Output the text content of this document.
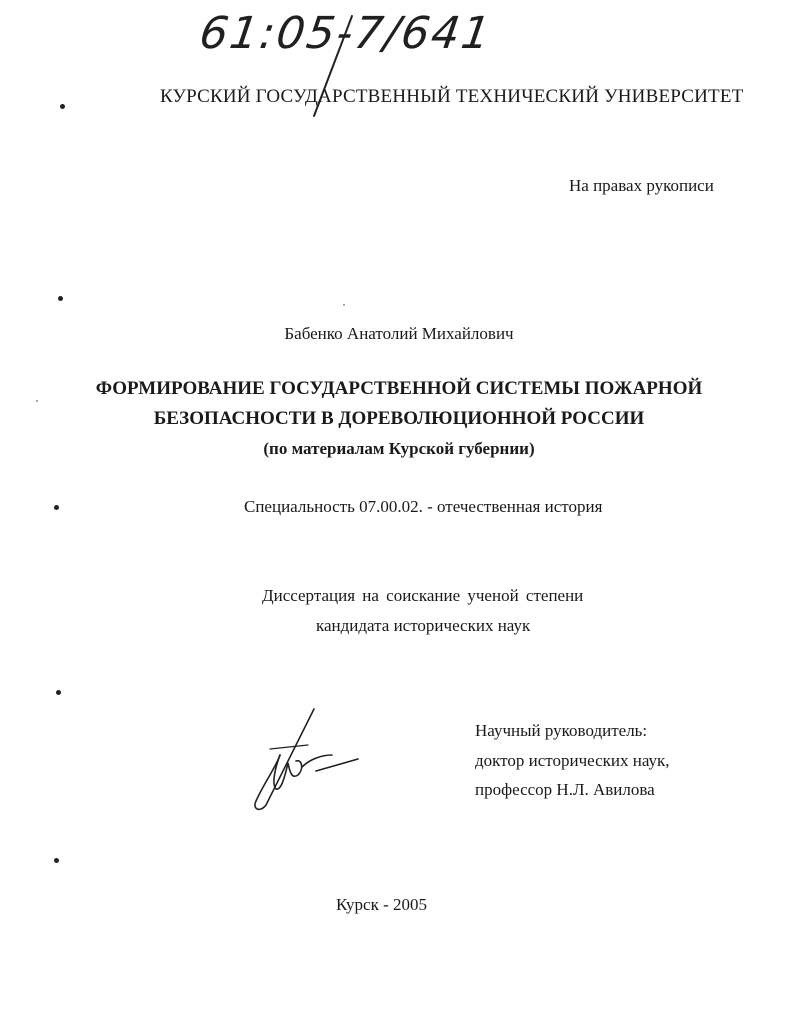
61:05-7/641
КУРСКИЙ ГОСУДАРСТВЕННЫЙ ТЕХНИЧЕСКИЙ УНИВЕРСИТЕТ
На правах рукописи
Бабенко Анатолий Михайлович
ФОРМИРОВАНИЕ ГОСУДАРСТВЕННОЙ СИСТЕМЫ ПОЖАРНОЙ
БЕЗОПАСНОСТИ В ДОРЕВОЛЮЦИОННОЙ РОССИИ
(по материалам Курской губернии)
Специальность 07.00.02. - отечественная история
Диссертация на соискание ученой степени
кандидата исторических наук
Научный руководитель:
доктор исторических наук,
профессор Н.Л. Авилова
Курск - 2005
